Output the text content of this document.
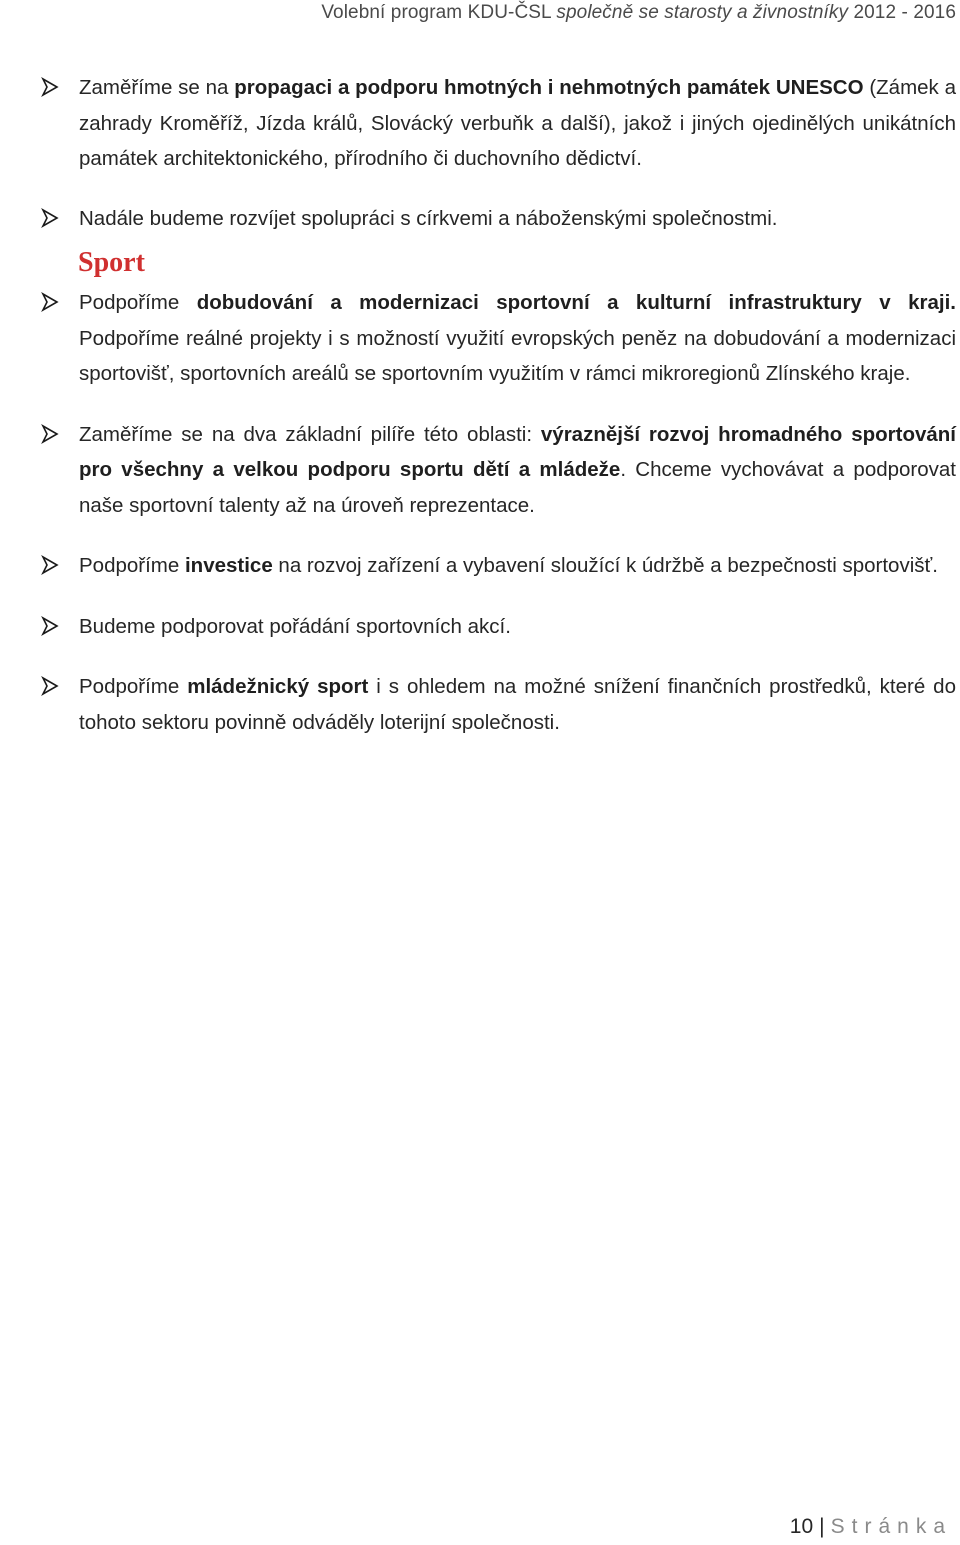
Volební program KDU-ČSL společně se starosty a živnostníky 2012 - 2016
Zaměříme se na propagaci a podporu hmotných i nehmotných památek UNESCO (Zámek a zahrady Kroměříž, Jízda králů, Slovácký verbuňk a další), jakož i jiných ojedinělých unikátních památek architektonického, přírodního či duchovního dědictví.
Nadále budeme rozvíjet spolupráci s církvemi a náboženskými společnostmi.
Sport
Podpoříme dobudování a modernizaci sportovní a kulturní infrastruktury v kraji. Podpoříme reálné projekty i s možností využití evropských peněz na dobudování a modernizaci sportovišť, sportovních areálů se sportovním využitím v rámci mikroregionů Zlínského kraje.
Zaměříme se na dva základní pilíře této oblasti: výraznější rozvoj hromadného sportování pro všechny a velkou podporu sportu dětí a mládeže. Chceme vychovávat a podporovat naše sportovní talenty až na úroveň reprezentace.
Podpoříme investice na rozvoj zařízení a vybavení sloužící k údržbě a bezpečnosti sportovišť.
Budeme podporovat pořádání sportovních akcí.
Podpoříme mládežnický sport i s ohledem na možné snížení finančních prostředků, které do tohoto sektoru povinně odváděly loterijní společnosti.
10 | Stránka
